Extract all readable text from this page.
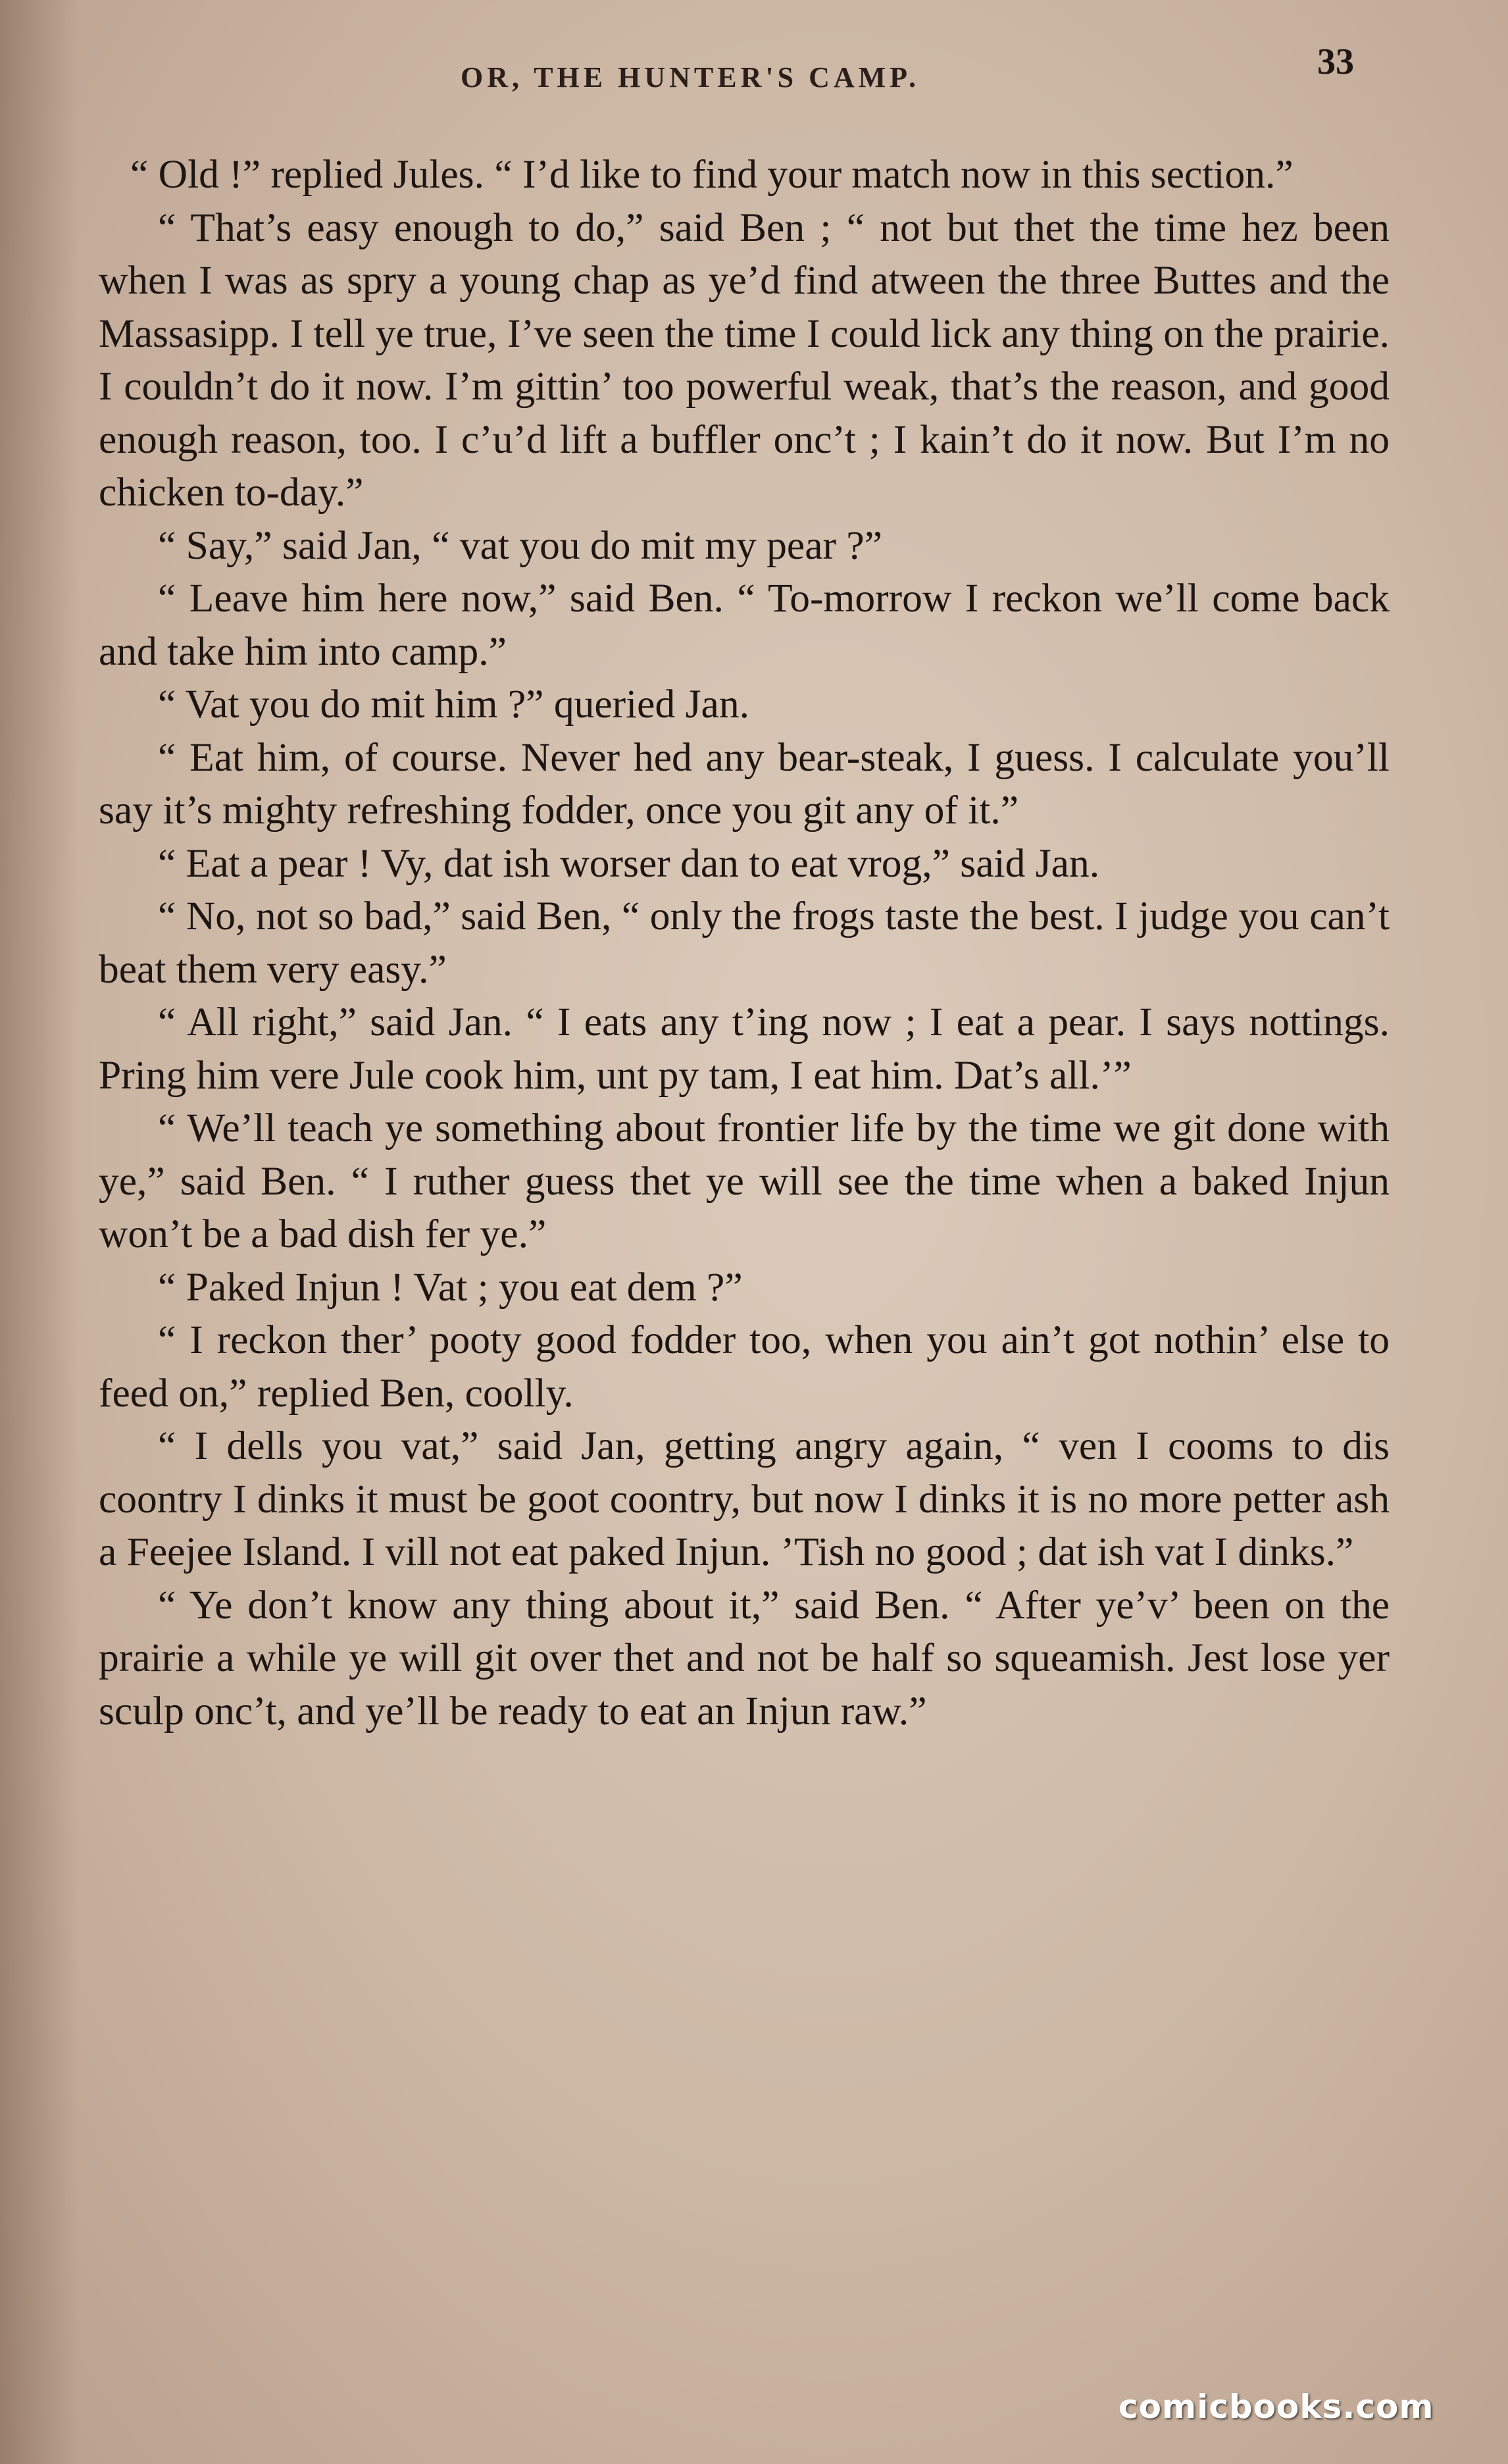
OR, THE HUNTER'S CAMP.	33

“ Old !” replied Jules. “ I’d like to find your match now in this section.”

“ That’s easy enough to do,” said Ben ; “ not but thet the time hez been when I was as spry a young chap as ye’d find atween the three Buttes and the Massasipp. I tell ye true, I’ve seen the time I could lick any thing on the prairie. I couldn’t do it now. I’m gittin’ too powerful weak, that’s the reason, and good enough reason, too. I c’u’d lift a buffler onc’t ; I kain’t do it now. But I’m no chicken to-day.”

“ Say,” said Jan, “ vat you do mit my pear ?”

“ Leave him here now,” said Ben. “ To-morrow I reckon we’ll come back and take him into camp.”

“ Vat you do mit him ?” queried Jan.

“ Eat him, of course. Never hed any bear-steak, I guess. I calculate you’ll say it’s mighty refreshing fodder, once you git any of it.”

“ Eat a pear ! Vy, dat ish worser dan to eat vrog,” said Jan.

“ No, not so bad,” said Ben, “ only the frogs taste the best. I judge you can’t beat them very easy.”

“ All right,” said Jan. “ I eats any t’ing now ; I eat a pear. I says nottings. Pring him vere Jule cook him, unt py tam, I eat him. Dat’s all.’”

“ We’ll teach ye something about frontier life by the time we git done with ye,” said Ben. “ I ruther guess thet ye will see the time when a baked Injun won’t be a bad dish fer ye.”

“ Paked Injun ! Vat ; you eat dem ?”

“ I reckon ther’ pooty good fodder too, when you ain’t got nothin’ else to feed on,” replied Ben, coolly.

“ I dells you vat,” said Jan, getting angry again, “ ven I cooms to dis coontry I dinks it must be goot coontry, but now I dinks it is no more petter ash a Feejee Island. I vill not eat paked Injun. ’Tish no good ; dat ish vat I dinks.”

“ Ye don’t know any thing about it,” said Ben. “ After ye’v’ been on the prairie a while ye will git over thet and not be half so squeamish. Jest lose yer sculp onc’t, and ye’ll be ready to eat an Injun raw.”

comicbooks.com
